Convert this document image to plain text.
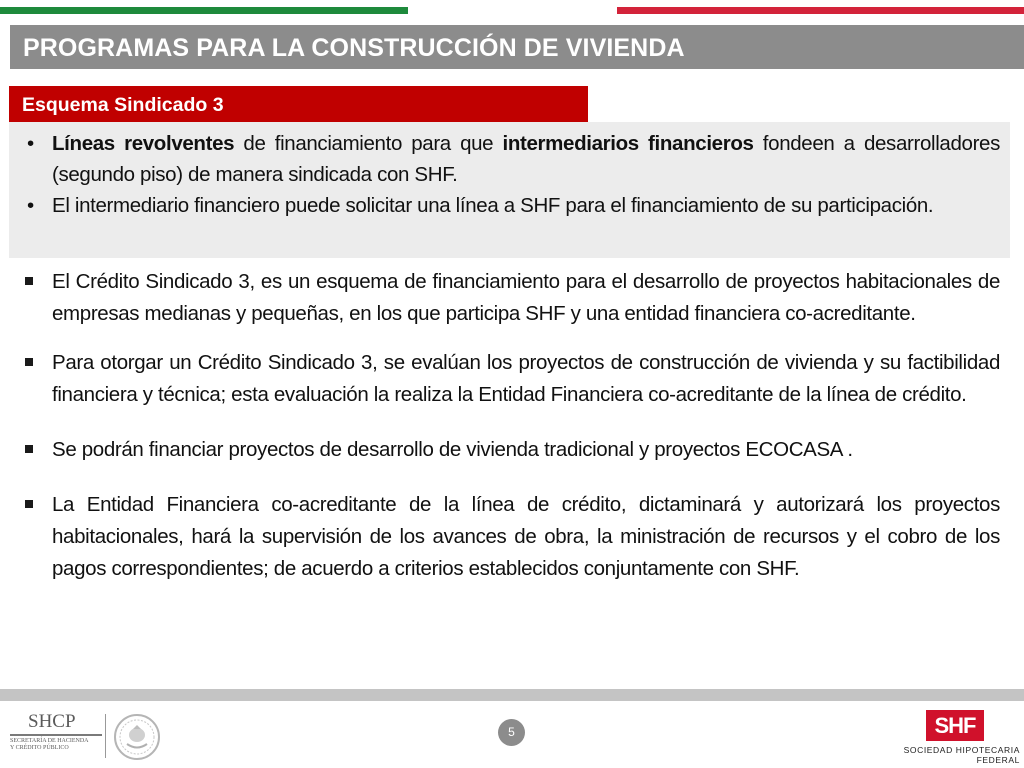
PROGRAMAS PARA LA CONSTRUCCIÓN DE VIVIENDA
Esquema Sindicado 3
• Líneas revolventes de financiamiento para que intermediarios financieros fondeen a desarrolladores (segundo piso) de manera sindicada con SHF.
• El intermediario financiero puede solicitar una línea a SHF para el financiamiento de su participación.
El Crédito Sindicado 3, es un esquema de financiamiento para el desarrollo de proyectos habitacionales de empresas medianas y pequeñas, en los que participa SHF y una entidad financiera co-acreditante.
Para otorgar un Crédito Sindicado 3, se evalúan los proyectos de construcción de vivienda y su factibilidad financiera y técnica; esta evaluación la realiza la Entidad Financiera co-acreditante de la línea de crédito.
Se podrán financiar proyectos de desarrollo de vivienda tradicional y proyectos ECOCASA .
La Entidad Financiera co-acreditante de la línea de crédito, dictaminará y autorizará los proyectos habitacionales, hará la supervisión de los avances de obra, la ministración de recursos y el cobro de los pagos correspondientes; de acuerdo a criterios establecidos conjuntamente con SHF.
SHCP
SECRETARÍA DE HACIENDA
Y CRÉDITO PÚBLICO
5	SHF
SOCIEDAD HIPOTECARIA FEDERAL
